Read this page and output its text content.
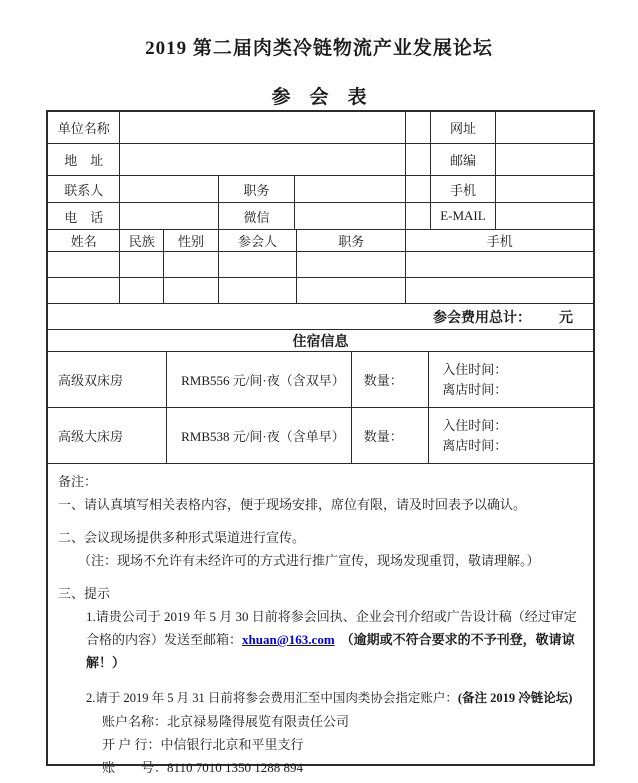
2019 第二届肉类冷链物流产业发展论坛
参　会　表
单位名称	网址
地　址	邮编
联系人	职务	手机
电　话	微信	E-MAIL
姓名	民族	性别	参会人	职务	手机
参会费用总计： 元
住宿信息
高级双床房	RMB556 元/间·夜（含双早）	数量：
入住时间：
离店时间：
高级大床房	RMB538 元/间·夜（含单早）	数量：
入住时间：
离店时间：
备注：
一、请认真填写相关表格内容，便于现场安排，席位有限，请及时回表予以确认。
二、会议现场提供多种形式渠道进行宣传。
（注：现场不允许有未经许可的方式进行推广宣传，现场发现重罚，敬请理解。）
三、提示
1.请贵公司于 2019 年 5 月 30 日前将参会回执、企业会刊介绍或广告设计稿（经过审定合格的内容）发送至邮箱：xhuan@163.com （逾期或不符合要求的不予刊登，敬请谅解！）
2.请于 2019 年 5 月 31 日前将参会费用汇至中国肉类协会指定账户：(备注 2019 冷链论坛)
账户名称：北京禄易隆得展览有限责任公司
开 户 行：中信银行北京和平里支行
账　　号：8110 7010 1350 1288 894
